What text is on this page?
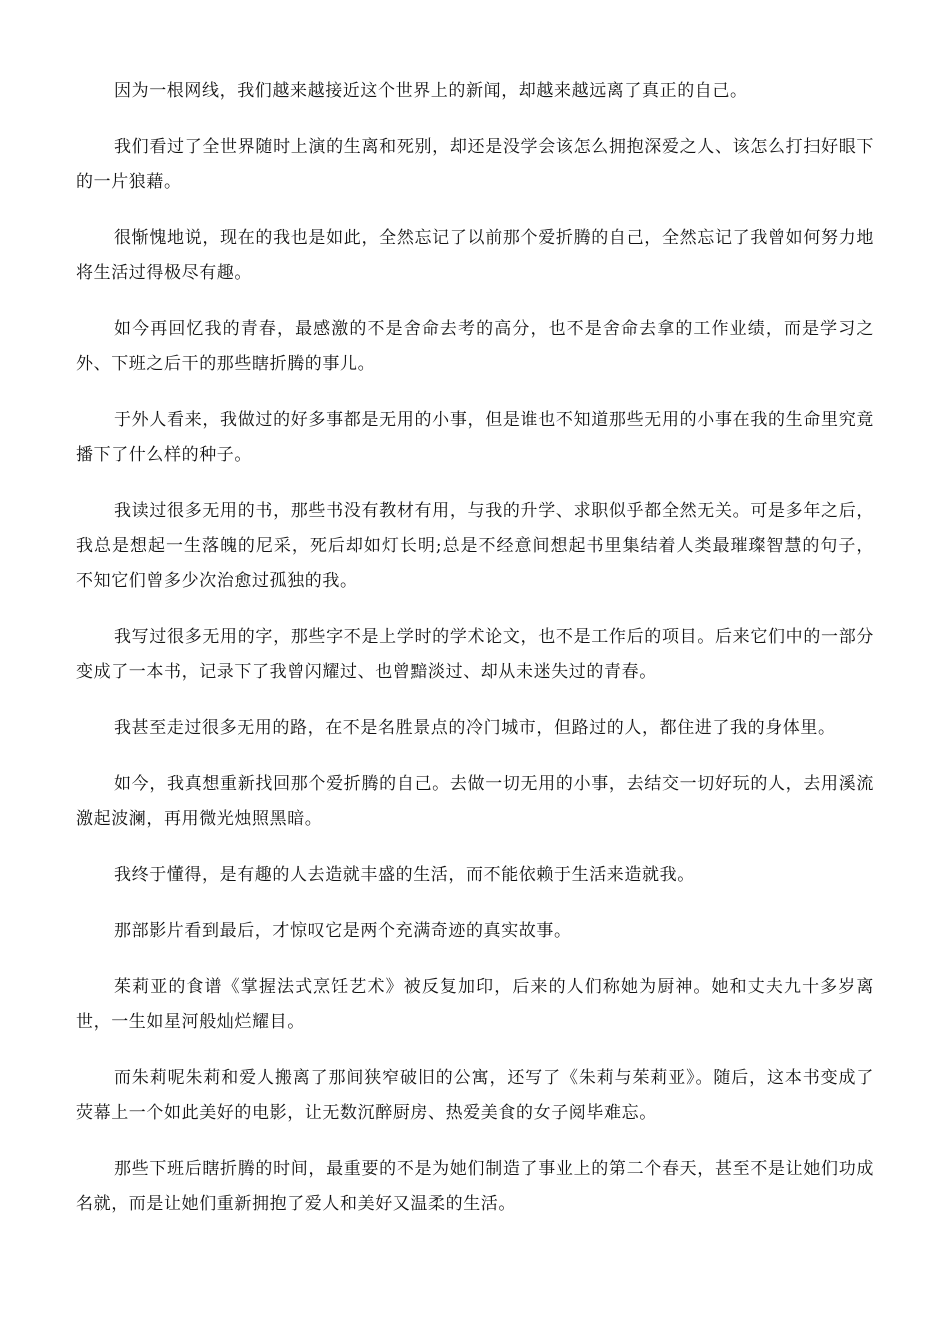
因为一根网线，我们越来越接近这个世界上的新闻，却越来越远离了真正的自己。

我们看过了全世界随时上演的生离和死别，却还是没学会该怎么拥抱深爱之人、该怎么打扫好眼下的一片狼藉。

很惭愧地说，现在的我也是如此，全然忘记了以前那个爱折腾的自己，全然忘记了我曾如何努力地将生活过得极尽有趣。

如今再回忆我的青春，最感激的不是舍命去考的高分，也不是舍命去拿的工作业绩，而是学习之外、下班之后干的那些瞎折腾的事儿。

于外人看来，我做过的好多事都是无用的小事，但是谁也不知道那些无用的小事在我的生命里究竟播下了什么样的种子。

我读过很多无用的书，那些书没有教材有用，与我的升学、求职似乎都全然无关。可是多年之后，我总是想起一生落魄的尼采，死后却如灯长明;总是不经意间想起书里集结着人类最璀璨智慧的句子，不知它们曾多少次治愈过孤独的我。

我写过很多无用的字，那些字不是上学时的学术论文，也不是工作后的项目。后来它们中的一部分变成了一本书，记录下了我曾闪耀过、也曾黯淡过、却从未迷失过的青春。

我甚至走过很多无用的路，在不是名胜景点的冷门城市，但路过的人，都住进了我的身体里。

如今，我真想重新找回那个爱折腾的自己。去做一切无用的小事，去结交一切好玩的人，去用溪流激起波澜，再用微光烛照黑暗。

我终于懂得，是有趣的人去造就丰盛的生活，而不能依赖于生活来造就我。

那部影片看到最后，才惊叹它是两个充满奇迹的真实故事。

茱莉亚的食谱《掌握法式烹饪艺术》被反复加印，后来的人们称她为厨神。她和丈夫九十多岁离世，一生如星河般灿烂耀目。

而朱莉呢朱莉和爱人搬离了那间狭窄破旧的公寓，还写了《朱莉与茱莉亚》。随后，这本书变成了荧幕上一个如此美好的电影，让无数沉醉厨房、热爱美食的女子阅毕难忘。

那些下班后瞎折腾的时间，最重要的不是为她们制造了事业上的第二个春天，甚至不是让她们功成名就，而是让她们重新拥抱了爱人和美好又温柔的生活。
